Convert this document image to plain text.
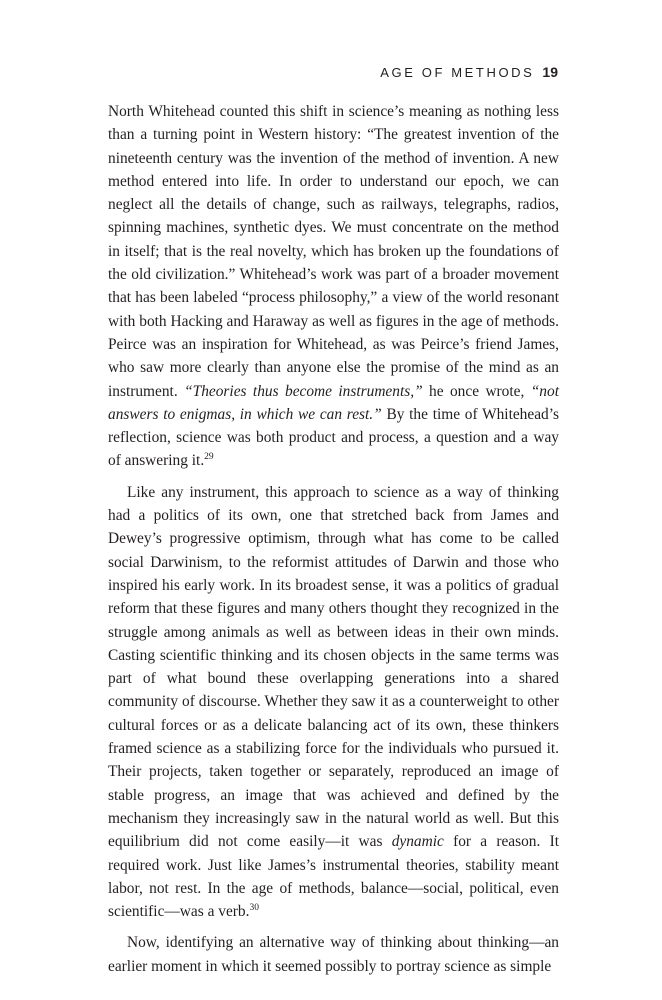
AGE OF METHODS 19

North Whitehead counted this shift in science’s meaning as nothing less than a turning point in Western history: “The greatest invention of the nineteenth century was the invention of the method of invention. A new method entered into life. In order to understand our epoch, we can neglect all the details of change, such as railways, telegraphs, radios, spinning machines, synthetic dyes. We must concentrate on the method in itself; that is the real novelty, which has broken up the foundations of the old civilization.” Whitehead’s work was part of a broader movement that has been labeled “process philosophy,” a view of the world resonant with both Hacking and Haraway as well as figures in the age of methods. Peirce was an inspiration for Whitehead, as was Peirce’s friend James, who saw more clearly than anyone else the promise of the mind as an instrument. “Theories thus become instruments,” he once wrote, “not answers to enigmas, in which we can rest.” By the time of Whitehead’s reflection, science was both product and process, a question and a way of answering it.$^{29}$

Like any instrument, this approach to science as a way of thinking had a politics of its own, one that stretched back from James and Dewey’s progressive optimism, through what has come to be called social Darwinism, to the reformist attitudes of Darwin and those who inspired his early work. In its broadest sense, it was a politics of gradual reform that these figures and many others thought they recognized in the struggle among animals as well as between ideas in their own minds. Casting scientific thinking and its chosen objects in the same terms was part of what bound these overlapping generations into a shared community of discourse. Whether they saw it as a counterweight to other cultural forces or as a delicate balancing act of its own, these thinkers framed science as a stabilizing force for the individuals who pursued it. Their projects, taken together or separately, reproduced an image of stable progress, an image that was achieved and defined by the mechanism they increasingly saw in the natural world as well. But this equilibrium did not come easily—it was dynamic for a reason. It required work. Just like James’s instrumental theories, stability meant labor, not rest. In the age of methods, balance—social, political, even scientific—was a verb.$^{30}$

Now, identifying an alternative way of thinking about thinking—an earlier moment in which it seemed possibly to portray science as simple
